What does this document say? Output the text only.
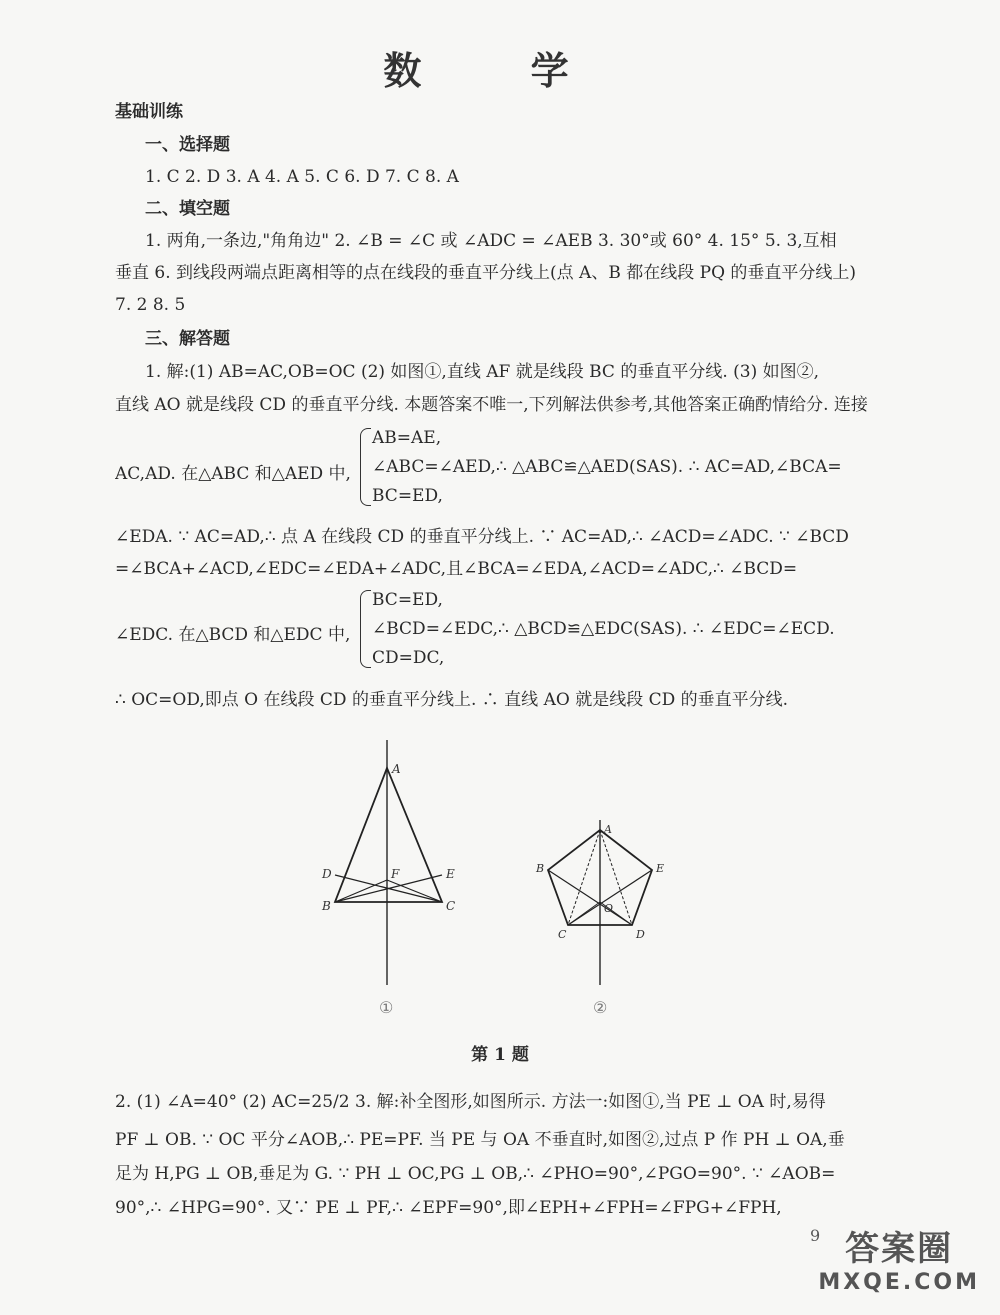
数 学
基础训练
一、选择题
1. C 2. D 3. A 4. A 5. C 6. D 7. C 8. A
二、填空题
1. 两角,一条边,"角角边" 2. ∠B = ∠C 或 ∠ADC = ∠AEB 3. 30°或 60° 4. 15° 5. 3,互相
垂直 6. 到线段两端点距离相等的点在线段的垂直平分线上(点 A、B 都在线段 PQ 的垂直平分线上)
7. 2 8. 5
三、解答题
1. 解:(1) AB=AC,OB=OC (2) 如图①,直线 AF 就是线段 BC 的垂直平分线. (3) 如图②,
直线 AO 就是线段 CD 的垂直平分线. 本题答案不唯一,下列解法供参考,其他答案正确酌情给分. 连接
AC,AD. 在△ABC 和△AED 中,
AB=AE,
∠ABC=∠AED,∴ △ABC≌△AED(SAS). ∴ AC=AD,∠BCA=
BC=ED,
∠EDA. ∵ AC=AD,∴ 点 A 在线段 CD 的垂直平分线上. ∵ AC=AD,∴ ∠ACD=∠ADC. ∵ ∠BCD
=∠BCA+∠ACD,∠EDC=∠EDA+∠ADC,且∠BCA=∠EDA,∠ACD=∠ADC,∴ ∠BCD=
∠EDC. 在△BCD 和△EDC 中,
BC=ED,
∠BCD=∠EDC,∴ △BCD≌△EDC(SAS). ∴ ∠EDC=∠ECD.
CD=DC,
∴ OC=OD,即点 O 在线段 CD 的垂直平分线上. ∴ 直线 AO 就是线段 CD 的垂直平分线.
A
B	C
D	E
F
①
A
B
C	D
E
O
②
第 1 题
2. (1) ∠A=40° (2) AC=25/2 3. 解:补全图形,如图所示. 方法一:如图①,当 PE ⊥ OA 时,易得
PF ⊥ OB. ∵ OC 平分∠AOB,∴ PE=PF. 当 PE 与 OA 不垂直时,如图②,过点 P 作 PH ⊥ OA,垂
足为 H,PG ⊥ OB,垂足为 G. ∵ PH ⊥ OC,PG ⊥ OB,∴ ∠PHO=90°,∠PGO=90°. ∵ ∠AOB=
90°,∴ ∠HPG=90°. 又∵ PE ⊥ PF,∴ ∠EPF=90°,即∠EPH+∠FPH=∠FPG+∠FPH,
9 答案圈
MXQE.COM
